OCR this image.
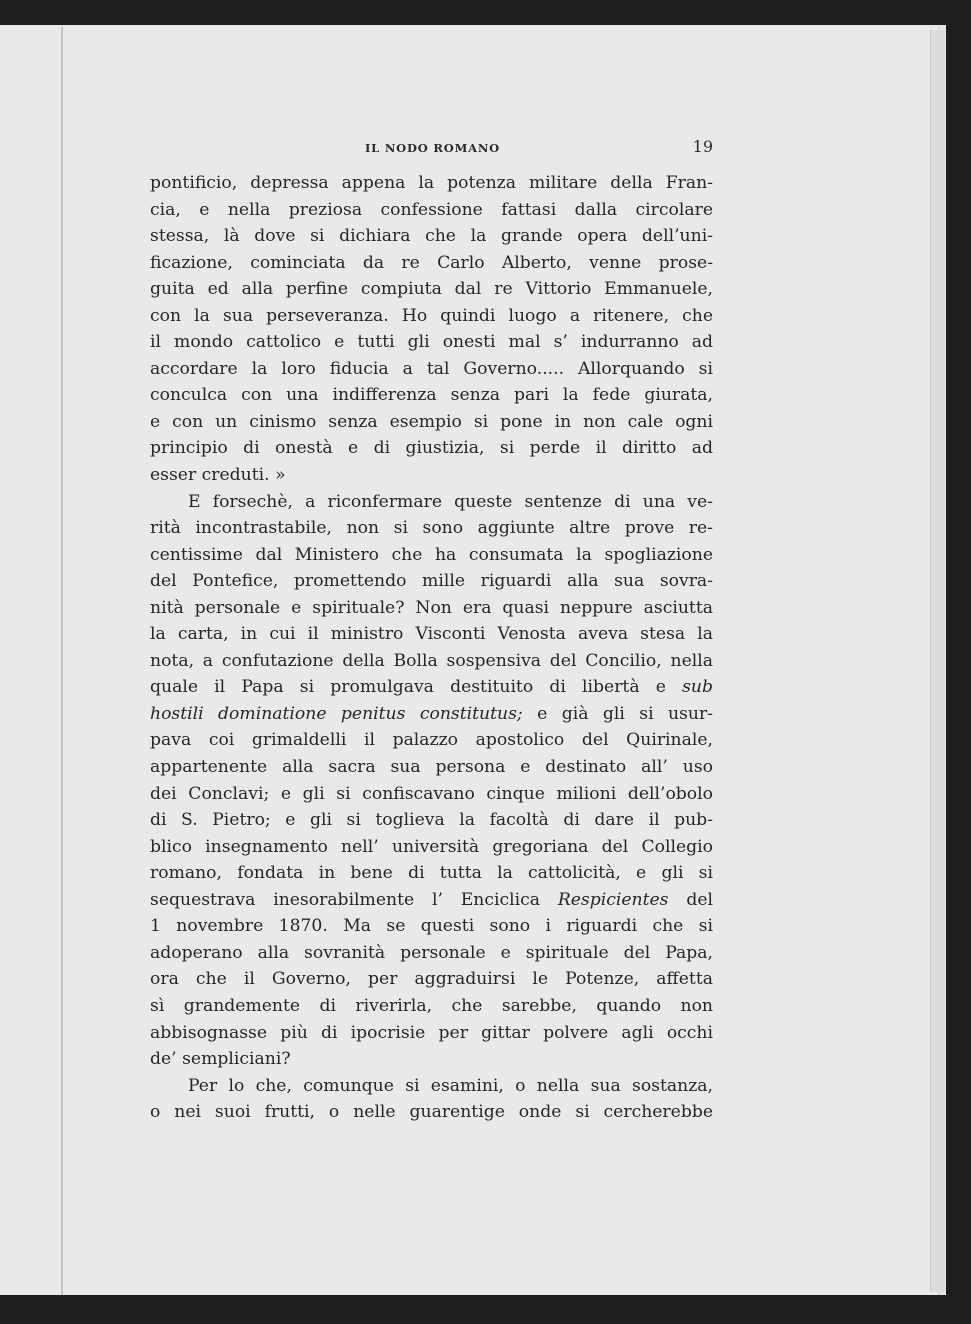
IL NODO ROMANO	19
pontificio, depressa appena la potenza militare della Fran-
cia, e nella preziosa confessione fattasi dalla circolare
stessa, là dove si dichiara che la grande opera dell’uni-
ficazione, cominciata da re Carlo Alberto, venne prose-
guita ed alla perfine compiuta dal re Vittorio Emmanuele,
con la sua perseveranza. Ho quindi luogo a ritenere, che
il mondo cattolico e tutti gli onesti mal s’ indurranno ad
accordare la loro fiducia a tal Governo..... Allorquando si
conculca con una indifferenza senza pari la fede giurata,
e con un cinismo senza esempio si pone in non cale ogni
principio di onestà e di giustizia, si perde il diritto ad
esser creduti. »
E forsechè, a riconfermare queste sentenze di una ve-
rità incontrastabile, non si sono aggiunte altre prove re-
centissime dal Ministero che ha consumata la spogliazione
del Pontefice, promettendo mille riguardi alla sua sovra-
nità personale e spirituale? Non era quasi neppure asciutta
la carta, in cui il ministro Visconti Venosta aveva stesa la
nota, a confutazione della Bolla sospensiva del Concilio, nella
quale il Papa si promulgava destituito di libertà e sub
hostili dominatione penitus constitutus; e già gli si usur-
pava coi grimaldelli il palazzo apostolico del Quirinale,
appartenente alla sacra sua persona e destinato all’ uso
dei Conclavi; e gli si confiscavano cinque milioni dell’obolo
di S. Pietro; e gli si toglieva la facoltà di dare il pub-
blico insegnamento nell’ università gregoriana del Collegio
romano, fondata in bene di tutta la cattolicità, e gli si
sequestrava inesorabilmente l’ Enciclica Respicientes del
1 novembre 1870. Ma se questi sono i riguardi che si
adoperano alla sovranità personale e spirituale del Papa,
ora che il Governo, per aggraduirsi le Potenze, affetta
sì grandemente di riverirla, che sarebbe, quando non
abbisognasse più di ipocrisie per gittar polvere agli occhi
de’ sempliciani?
Per lo che, comunque si esamini, o nella sua sostanza,
o nei suoi frutti, o nelle guarentige onde si cercherebbe
